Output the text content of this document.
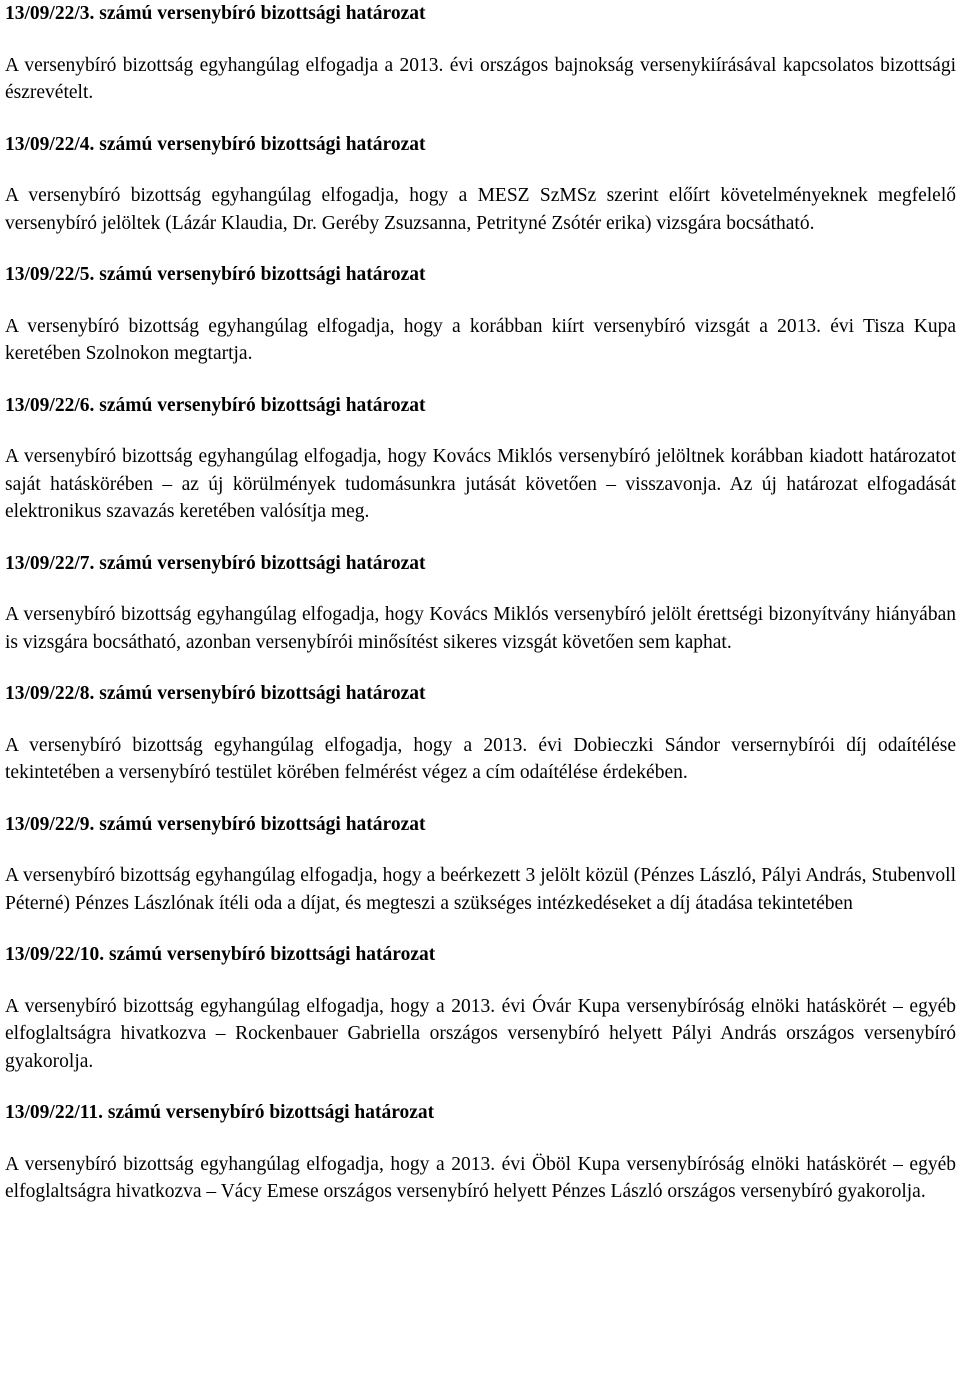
13/09/22/3. számú versenybíró bizottsági határozat

A versenybíró bizottság egyhangúlag elfogadja a 2013. évi országos bajnokság versenykiírásával kapcsolatos bizottsági észrevételt.

13/09/22/4. számú versenybíró bizottsági határozat

A versenybíró bizottság egyhangúlag elfogadja, hogy a MESZ SzMSz szerint előírt követelményeknek megfelelő versenybíró jelöltek (Lázár Klaudia, Dr. Geréby Zsuzsanna, Petrityné Zsótér erika) vizsgára bocsátható.

13/09/22/5. számú versenybíró bizottsági határozat

A versenybíró bizottság egyhangúlag elfogadja, hogy a korábban kiírt versenybíró vizsgát a 2013. évi Tisza Kupa keretében Szolnokon megtartja.

13/09/22/6. számú versenybíró bizottsági határozat

A versenybíró bizottság egyhangúlag elfogadja, hogy Kovács Miklós versenybíró jelöltnek korábban kiadott határozatot saját hatáskörében – az új körülmények tudomásunkra jutását követően – visszavonja. Az új határozat elfogadását elektronikus szavazás keretében valósítja meg.

13/09/22/7. számú versenybíró bizottsági határozat

A versenybíró bizottság egyhangúlag elfogadja, hogy Kovács Miklós versenybíró jelölt érettségi bizonyítvány hiányában is vizsgára bocsátható, azonban versenybírói minősítést sikeres vizsgát követően sem kaphat.

13/09/22/8. számú versenybíró bizottsági határozat

A versenybíró bizottság egyhangúlag elfogadja, hogy a 2013. évi Dobieczki Sándor versernybírói díj odaítélése tekintetében a versenybíró testület körében felmérést végez a cím odaítélése érdekében.

13/09/22/9. számú versenybíró bizottsági határozat

A versenybíró bizottság egyhangúlag elfogadja, hogy a beérkezett 3 jelölt közül (Pénzes László, Pályi András, Stubenvoll Péterné) Pénzes Lászlónak ítéli oda a díjat, és megteszi a szükséges intézkedéseket a díj átadása tekintetében

13/09/22/10. számú versenybíró bizottsági határozat

A versenybíró bizottság egyhangúlag elfogadja, hogy a 2013. évi Óvár Kupa versenybíróság elnöki hatáskörét – egyéb elfoglaltságra hivatkozva – Rockenbauer Gabriella országos versenybíró helyett Pályi András országos versenybíró gyakorolja.

13/09/22/11. számú versenybíró bizottsági határozat

A versenybíró bizottság egyhangúlag elfogadja, hogy a 2013. évi Öböl Kupa versenybíróság elnöki hatáskörét – egyéb elfoglaltságra hivatkozva – Vácy Emese országos versenybíró helyett Pénzes László országos versenybíró gyakorolja.
